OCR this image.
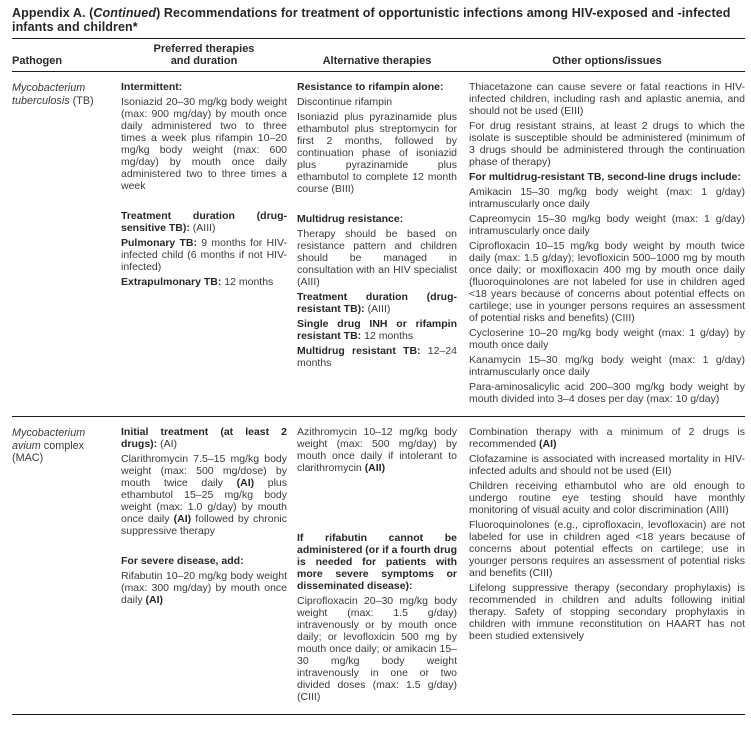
Appendix A. (Continued) Recommendations for treatment of opportunistic infections among HIV-exposed and -infected infants and children*
Pathogen
Preferred therapies and duration	Alternative therapies	Other options/issues
Mycobacterium tuberculosis (TB)

Intermittent:

Isoniazid 20–30 mg/kg body weight (max: 900 mg/day) by mouth once daily administered two to three times a week plus rifampin 10–20 mg/kg body weight (max: 600 mg/day) by mouth once daily administered two to three times a week

Treatment duration (drug-sensitive TB): (AIII)

Pulmonary TB: 9 months for HIV-infected child (6 months if not HIV-infected)

Extrapulmonary TB: 12 months

Resistance to rifampin alone:

Discontinue rifampin

Isoniazid plus pyrazinamide plus ethambutol plus streptomycin for first 2 months, followed by continuation phase of isoniazid plus pyrazinamide plus ethambutol to complete 12 month course (BIII)

Multidrug resistance:

Therapy should be based on resistance pattern and children should be managed in consultation with an HIV specialist (AIII)

Treatment duration (drug-resistant TB): (AIII)

Single drug INH or rifampin resistant TB: 12 months

Multidrug resistant TB: 12–24 months

Thiacetazone can cause severe or fatal reactions in HIV-infected children, including rash and aplastic anemia, and should not be used (EIII)

For drug resistant strains, at least 2 drugs to which the isolate is susceptible should be administered (minimum of 3 drugs should be administered through the continuation phase of therapy)

For multidrug-resistant TB, second-line drugs include:

Amikacin 15–30 mg/kg body weight (max: 1 g/day) intramuscularly once daily

Capreomycin 15–30 mg/kg body weight (max: 1 g/day) intramuscularly once daily

Ciprofloxacin 10–15 mg/kg body weight by mouth twice daily (max: 1.5 g/day); levofloxicin 500–1000 mg by mouth once daily; or moxifloxacin 400 mg by mouth once daily (fluoroquinolones are not labeled for use in children aged <18 years because of concerns about potential effects on cartilege; use in younger persons requires an assessment of potential risks and benefits) (CIII)

Cycloserine 10–20 mg/kg body weight (max: 1 g/day) by mouth once daily

Kanamycin 15–30 mg/kg body weight (max: 1 g/day) intramuscularly once daily

Para-aminosalicylic acid 200–300 mg/kg body weight by mouth divided into 3–4 doses per day (max: 10 g/day)

Mycobacterium avium complex (MAC)

Initial treatment (at least 2 drugs): (AI)

Clarithromycin 7.5–15 mg/kg body weight (max: 500 mg/dose) by mouth twice daily (AI) plus ethambutol 15–25 mg/kg body weight (max: 1.0 g/day) by mouth once daily (AI) followed by chronic suppressive therapy

For severe disease, add:

Rifabutin 10–20 mg/kg body weight (max: 300 mg/day) by mouth once daily (AI)

Azithromycin 10–12 mg/kg body weight (max: 500 mg/day) by mouth once daily if intolerant to clarithromycin (AII)

If rifabutin cannot be administered (or if a fourth drug is needed for patients with more severe symptoms or disseminated disease):

Ciprofloxacin 20–30 mg/kg body weight (max: 1.5 g/day) intravenously or by mouth once daily; or levofloxicin 500 mg by mouth once daily; or amikacin 15–30 mg/kg body weight intravenously in one or two divided doses (max: 1.5 g/day) (CIII)

Combination therapy with a minimum of 2 drugs is recommended (AI)

Clofazamine is associated with increased mortality in HIV-infected adults and should not be used (EII)

Children receiving ethambutol who are old enough to undergo routine eye testing should have monthly monitoring of visual acuity and color discrimination (AIII)

Fluoroquinolones (e.g., ciprofloxacin, levofloxacin) are not labeled for use in children aged <18 years because of concerns about potential effects on cartilege; use in younger persons requires an assessment of potential risks and benefits (CIII)

Lifelong suppressive therapy (secondary prophylaxis) is recommended in children and adults following initial therapy. Safety of stopping secondary prophylaxis in children with immune reconstitution on HAART has not been studied extensively
